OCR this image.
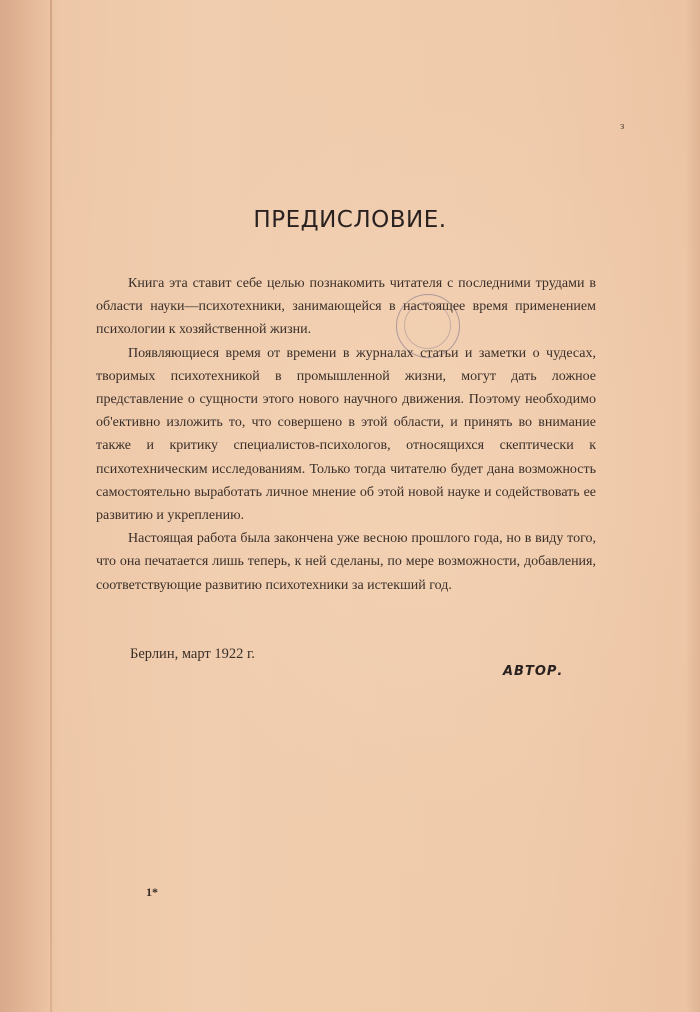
з
ПРЕДИСЛОВИЕ.

Книга эта ставит себе целью познакомить читателя с последними трудами в области науки—психотехники, занимающейся в настоящее время применением психологии к хозяйственной жизни.

Появляющиеся время от времени в журналах статьи и заметки о чудесах, творимых психотехникой в промышленной жизни, могут дать ложное представление о сущности этого нового научного движения. Поэтому необходимо об'ективно изложить то, что совершено в этой области, и принять во внимание также и критику специалистов-психологов, относящихся скептически к психотехническим исследованиям. Только тогда читателю будет дана возможность самостоятельно выработать личное мнение об этой новой науке и содействовать ее развитию и укреплению.

Настоящая работа была закончена уже весною прошлого года, но в виду того, что она печатается лишь теперь, к ней сделаны, по мере возможности, добавления, соответствующие развитию психотехники за истекший год.

Берлин, март 1922 г.
АВТОР.
1*
